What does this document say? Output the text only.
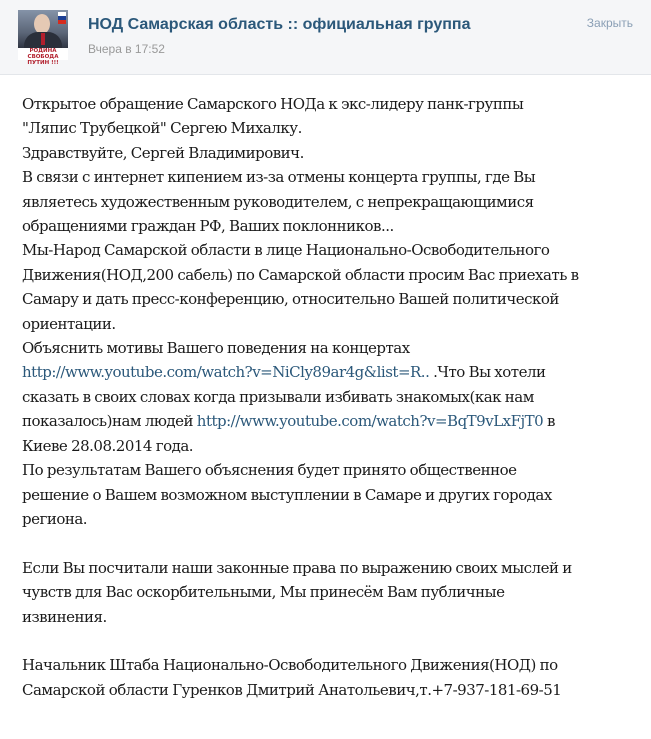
РОДИНА СВОБОДА
ПУТИН !!!
НОД Самарская область :: официальная группа
Вчера в 17:52
Закрыть
Открытое обращение Самарского НОДа к экс-лидеру панк-группы
"Ляпис Трубецкой" Сергею Михалку.
Здравствуйте, Сергей Владимирович.
В связи с интернет кипением из-за отмены концерта группы, где Вы
являетесь художественным руководителем, с непрекращающимися
обращениями граждан РФ, Ваших поклонников...
Мы-Народ Самарской области в лице Национально-Освободительного
Движения(НОД,200 сабель) по Самарской области просим Вас приехать в
Самару и дать пресс-конференцию, относительно Вашей политической
ориентации.
Объяснить мотивы Вашего поведения на концертах
http://www.youtube.com/watch?v=NiCly89ar4g&list=R.. .Что Вы хотели
сказать в своих словах когда призывали избивать знакомых(как нам
показалось)нам людей http://www.youtube.com/watch?v=BqT9vLxFjT0 в
Киеве 28.08.2014 года.
По результатам Вашего объяснения будет принято общественное
решение о Вашем возможном выступлении в Самаре и других городах
региона.
Если Вы посчитали наши законные права по выражению своих мыслей и
чувств для Вас оскорбительными, Мы принесём Вам публичные
извинения.
Начальник Штаба Национально-Освободительного Движения(НОД) по
Самарской области Гуренков Дмитрий Анатольевич,т.+7-937-181-69-51
